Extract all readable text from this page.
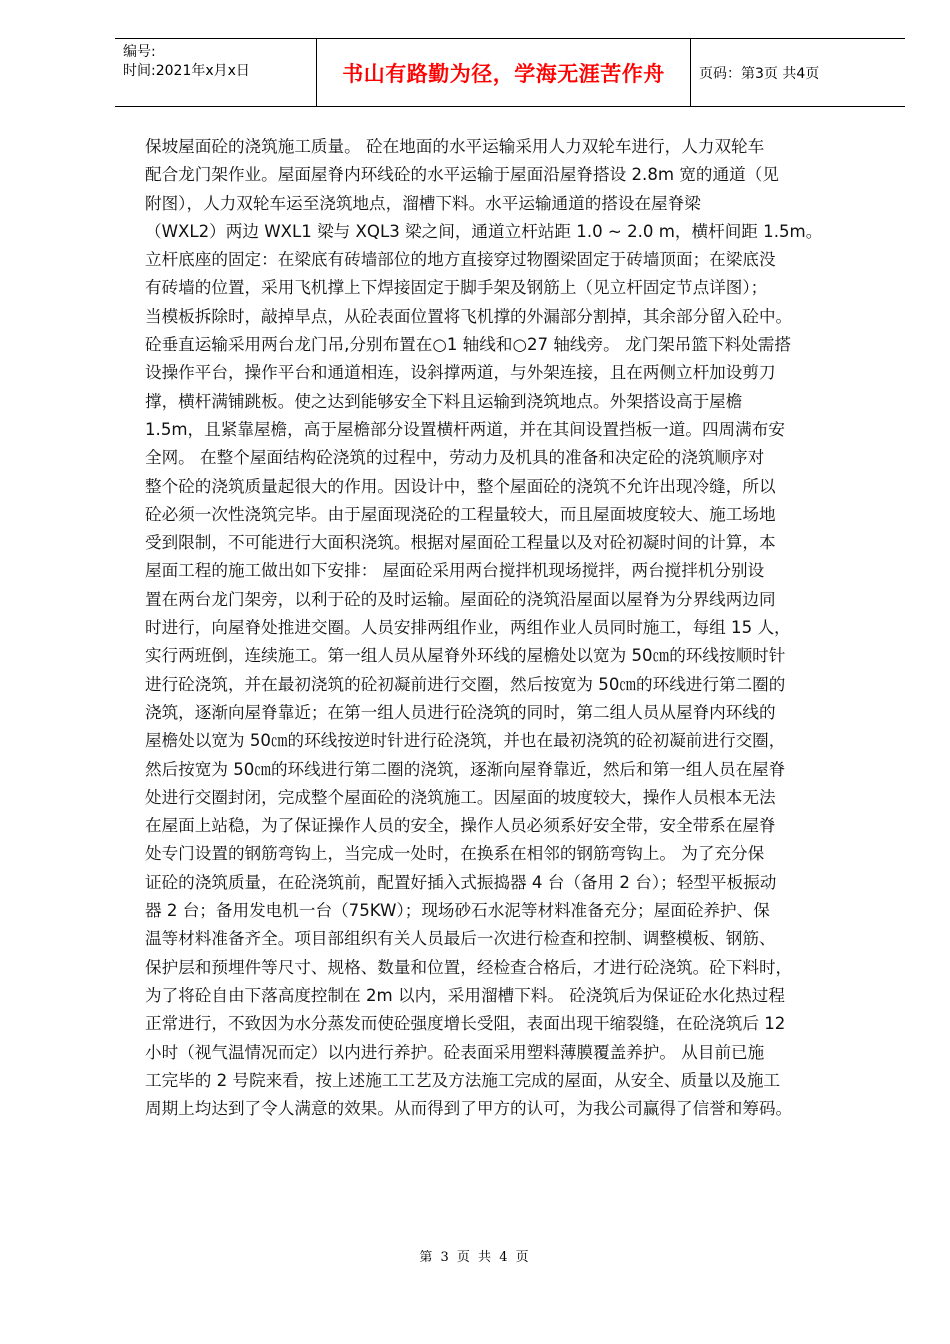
编号:
时间:2021年x月x日	书山有路勤为径，学海无涯苦作舟 页码：第3页 共4页
保坡屋面砼的浇筑施工质量。 砼在地面的水平运输采用人力双轮车进行，人力双轮车
配合龙门架作业。屋面屋脊内环线砼的水平运输于屋面沿屋脊搭设 2.8m 宽的通道（见
附图），人力双轮车运至浇筑地点，溜槽下料。水平运输通道的搭设在屋脊梁
（WXL2）两边 WXL1 梁与 XQL3 梁之间，通道立杆站距 1.0 ~ 2.0 m，横杆间距 1.5m。
立杆底座的固定：在梁底有砖墙部位的地方直接穿过物圈梁固定于砖墙顶面；在梁底没
有砖墙的位置，采用飞机撑上下焊接固定于脚手架及钢筋上（见立杆固定节点详图）；
当模板拆除时，敲掉旱点，从砼表面位置将飞机撑的外漏部分割掉，其余部分留入砼中。
砼垂直运输采用两台龙门吊,分别布置在○1 轴线和○27 轴线旁。 龙门架吊篮下料处需搭
设操作平台，操作平台和通道相连，设斜撑两道，与外架连接，且在两侧立杆加设剪刀
撑，横杆满铺跳板。使之达到能够安全下料且运输到浇筑地点。外架搭设高于屋檐
1.5m，且紧靠屋檐，高于屋檐部分设置横杆两道，并在其间设置挡板一道。四周满布安
全网。 在整个屋面结构砼浇筑的过程中，劳动力及机具的准备和决定砼的浇筑顺序对
整个砼的浇筑质量起很大的作用。因设计中，整个屋面砼的浇筑不允许出现冷缝，所以
砼必须一次性浇筑完毕。由于屋面现浇砼的工程量较大，而且屋面坡度较大、施工场地
受到限制，不可能进行大面积浇筑。根据对屋面砼工程量以及对砼初凝时间的计算，本
屋面工程的施工做出如下安排： 屋面砼采用两台搅拌机现场搅拌，两台搅拌机分别设
置在两台龙门架旁，以利于砼的及时运输。屋面砼的浇筑沿屋面以屋脊为分界线两边同
时进行，向屋脊处推进交圈。人员安排两组作业，两组作业人员同时施工，每组 15 人，
实行两班倒，连续施工。第一组人员从屋脊外环线的屋檐处以宽为 50㎝的环线按顺时针
进行砼浇筑，并在最初浇筑的砼初凝前进行交圈，然后按宽为 50㎝的环线进行第二圈的
浇筑，逐渐向屋脊靠近；在第一组人员进行砼浇筑的同时，第二组人员从屋脊内环线的
屋檐处以宽为 50㎝的环线按逆时针进行砼浇筑，并也在最初浇筑的砼初凝前进行交圈，
然后按宽为 50㎝的环线进行第二圈的浇筑，逐渐向屋脊靠近，然后和第一组人员在屋脊
处进行交圈封闭，完成整个屋面砼的浇筑施工。因屋面的坡度较大，操作人员根本无法
在屋面上站稳，为了保证操作人员的安全，操作人员必须系好安全带，安全带系在屋脊
处专门设置的钢筋弯钩上，当完成一处时，在换系在相邻的钢筋弯钩上。 为了充分保
证砼的浇筑质量，在砼浇筑前，配置好插入式振捣器 4 台（备用 2 台）；轻型平板振动
器 2 台；备用发电机一台（75KW）；现场砂石水泥等材料准备充分；屋面砼养护、保
温等材料准备齐全。项目部组织有关人员最后一次进行检查和控制、调整模板、钢筋、
保护层和预埋件等尺寸、规格、数量和位置，经检查合格后，才进行砼浇筑。砼下料时，
为了将砼自由下落高度控制在 2m 以内，采用溜槽下料。 砼浇筑后为保证砼水化热过程
正常进行，不致因为水分蒸发而使砼强度增长受阻，表面出现干缩裂缝，在砼浇筑后 12
小时（视气温情况而定）以内进行养护。砼表面采用塑料薄膜覆盖养护。 从目前已施
工完毕的 2 号院来看，按上述施工工艺及方法施工完成的屋面，从安全、质量以及施工
周期上均达到了令人满意的效果。从而得到了甲方的认可，为我公司赢得了信誉和筹码。
第 3 页 共 4 页
